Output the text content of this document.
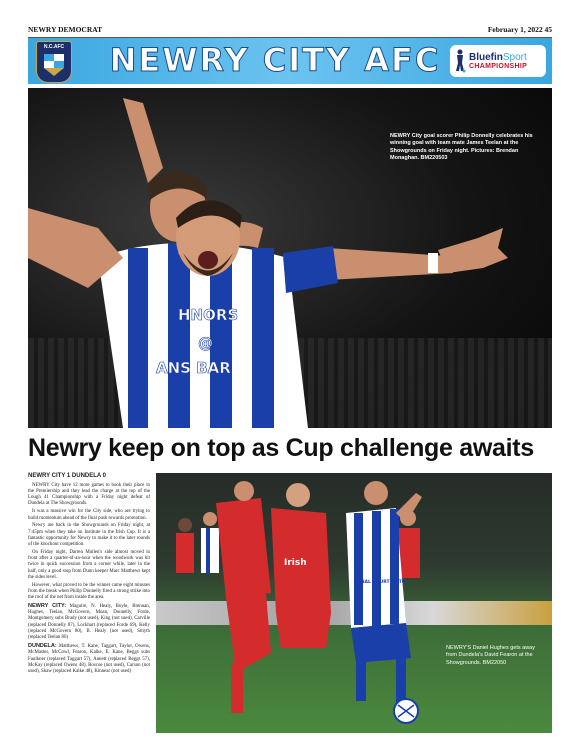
NEWRY DEMOCRAT	February 1, 2022 45
N.C.AFC NEWRY CITY AFC	BluefinSport
CHAMPIONSHIP
HNORS
@
ANS BAR
NEWRY City goal scorer Philip Donnelly celebrates his winning goal with team mate James Teelan at the Showgrounds on Friday night. Pictures: Brendan Monaghan. BM220503
Newry keep on top as Cup challenge awaits
NEWRY CITY 1 DUNDELA 0

NEWRY City have 12 more games to book their place in the Premiership and they lead the charge at the top of the Lough 41 Championship with a Friday night defeat of Dundela at The Showgrounds.

It was a massive win for the City side, who are trying to build momentum ahead of the final push towards promotion.

Newry are back in the Showgrounds on Friday night, at 7:45pm when they take on Institute in the Irish Cup. It is a fantastic opportunity for Newry to make it to the later rounds of the knockout competition.

On Friday night, Darren Mullen's side almost moved in front after a quarter-of-an-hour when the woodwork was hit twice in quick succession from a corner while, later in the half, only a good stop from Dunn keeper Marc Matthews kept the sides level.

However, what proved to be the winner came eight minutes from the break when Philip Donnelly fired a strong strike into the roof of the net from inside the area.

NEWRY CITY: Maguire, N. Healy, Boyle, Brennan, Hughes, Teelan, McGovern, Moan, Donnelly, Forde, Montgomery subs Brady (not used), King (not used), Carville (replaced Donnelly 87), Lockhart (replaced Forde 69), Kelly (replaced McGovern 80), B. Healy (not used), Smyth (replaced Teelan 80)

DUNDELA: Matthews, T. Kane, Taggart, Taylor, Owens, McMaster, McCowl, Fearon, Kalke, E. Kane, Beggs subs Faulkner (replaced Taggart 57), Annett (replaced Beggs 57), McKay (replaced Owens 48), Roscoe (not used), Carson (not used), Shaw (replaced Kalke 48), Kinnear (not used)

Irish
CANAL COURT HOTEL
NEWRY'S Daniel Hughes gets away from Dundela's David Fearon at the Showgrounds. BM22050
